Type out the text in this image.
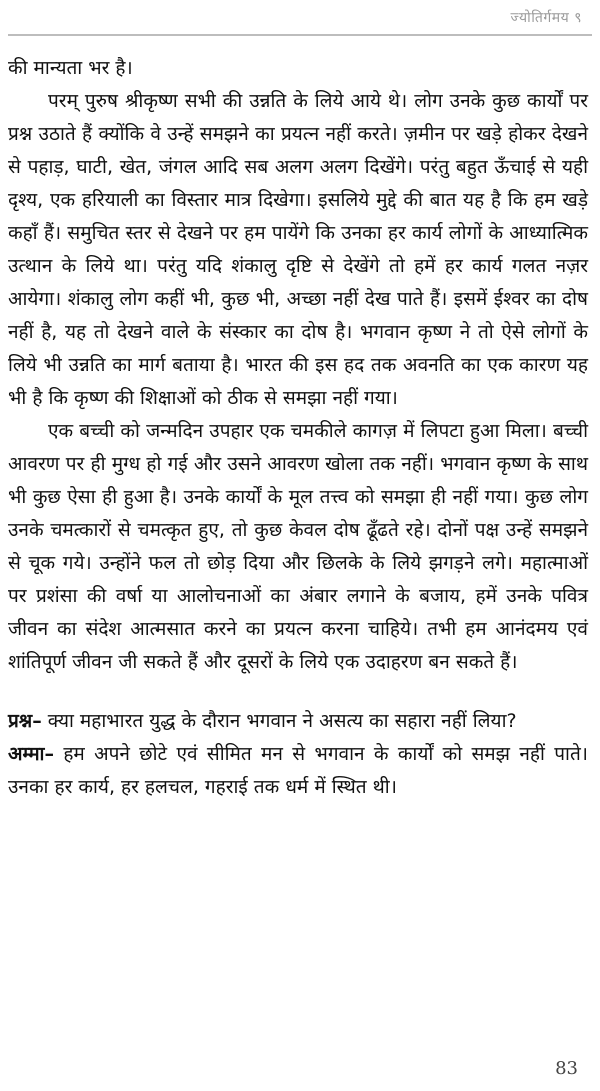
ज्योतिर्गमय ९

की मान्यता भर है।

परम् पुरुष श्रीकृष्ण सभी की उन्नति के लिये आये थे। लोग उनके कुछ कार्यों पर प्रश्न उठाते हैं क्योंकि वे उन्हें समझने का प्रयत्न नहीं करते। ज़मीन पर खड़े होकर देखने से पहाड़, घाटी, खेत, जंगल आदि सब अलग अलग दिखेंगे। परंतु बहुत ऊँचाई से यही दृश्य, एक हरियाली का विस्तार मात्र दिखेगा। इसलिये मुद्दे की बात यह है कि हम खड़े कहाँ हैं। समुचित स्तर से देखने पर हम पायेंगे कि उनका हर कार्य लोगों के आध्यात्मिक उत्थान के लिये था। परंतु यदि शंकालु दृष्टि से देखेंगे तो हमें हर कार्य गलत नज़र आयेगा। शंकालु लोग कहीं भी, कुछ भी, अच्छा नहीं देख पाते हैं। इसमें ईश्वर का दोष नहीं है, यह तो देखने वाले के संस्कार का दोष है। भगवान कृष्ण ने तो ऐसे लोगों के लिये भी उन्नति का मार्ग बताया है। भारत की इस हद तक अवनति का एक कारण यह भी है कि कृष्ण की शिक्षाओं को ठीक से समझा नहीं गया।

एक बच्ची को जन्मदिन उपहार एक चमकीले कागज़ में लिपटा हुआ मिला। बच्ची आवरण पर ही मुग्ध हो गई और उसने आवरण खोला तक नहीं। भगवान कृष्ण के साथ भी कुछ ऐसा ही हुआ है। उनके कार्यों के मूल तत्त्व को समझा ही नहीं गया। कुछ लोग उनके चमत्कारों से चमत्कृत हुए, तो कुछ केवल दोष ढूँढते रहे। दोनों पक्ष उन्हें समझने से चूक गये। उन्होंने फल तो छोड़ दिया और छिलके के लिये झगड़ने लगे। महात्माओं पर प्रशंसा की वर्षा या आलोचनाओं का अंबार लगाने के बजाय, हमें उनके पवित्र जीवन का संदेश आत्मसात करने का प्रयत्न करना चाहिये। तभी हम आनंदमय एवं शांतिपूर्ण जीवन जी सकते हैं और दूसरों के लिये एक उदाहरण बन सकते हैं।

प्रश्न– क्या महाभारत युद्ध के दौरान भगवान ने असत्य का सहारा नहीं लिया?

अम्मा– हम अपने छोटे एवं सीमित मन से भगवान के कार्यों को समझ नहीं पाते। उनका हर कार्य, हर हलचल, गहराई तक धर्म में स्थित थी।

83
